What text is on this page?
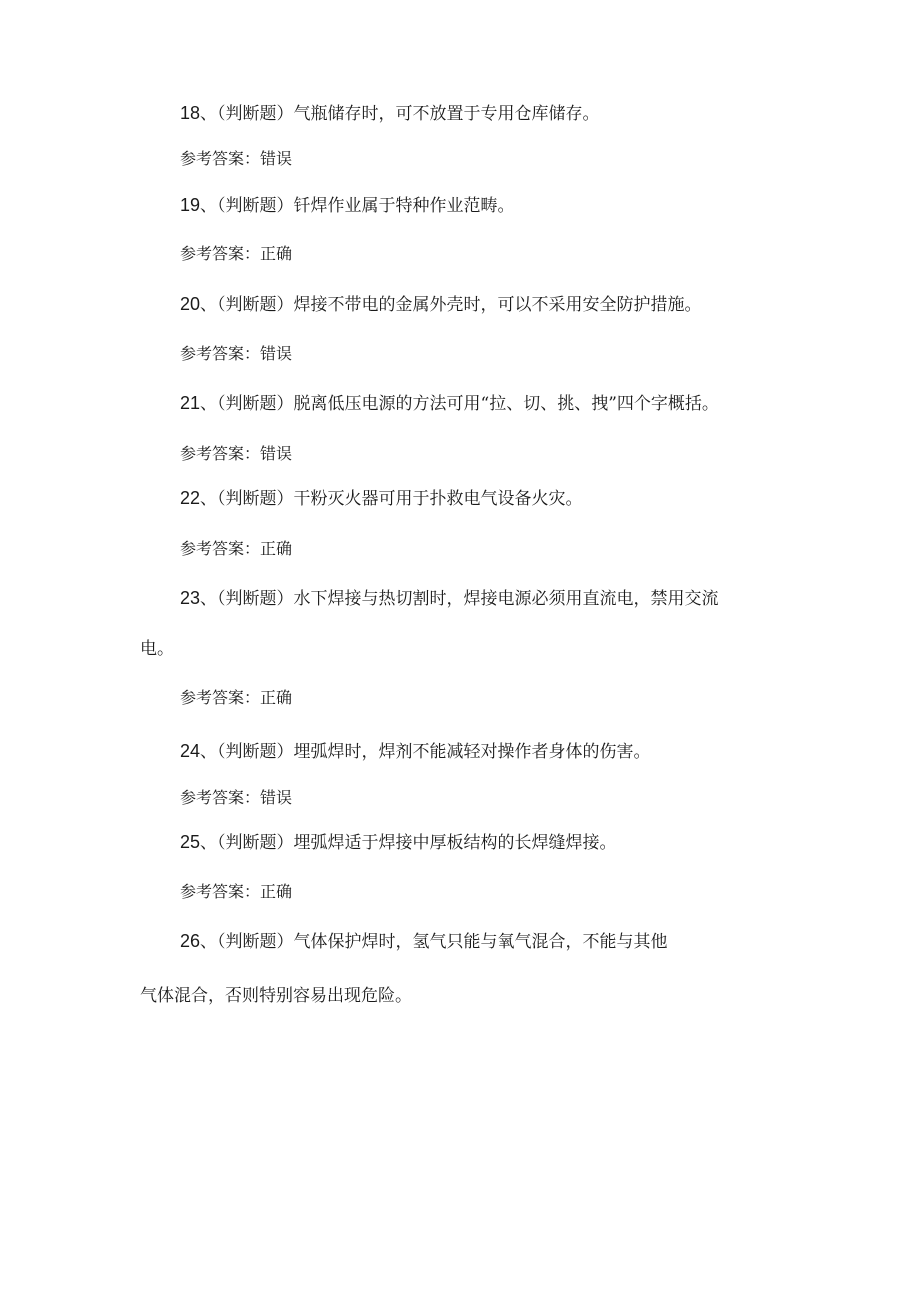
18、（判断题）气瓶储存时，可不放置于专用仓库储存。
参考答案：错误
19、（判断题）钎焊作业属于特种作业范畴。
参考答案：正确
20、（判断题）焊接不带电的金属外壳时，可以不采用安全防护措施。
参考答案：错误
21、（判断题）脱离低压电源的方法可用“拉、切、挑、拽”四个字概括。
参考答案：错误
22、（判断题）干粉灭火器可用于扑救电气设备火灾。
参考答案：正确
23、（判断题）水下焊接与热切割时，焊接电源必须用直流电，禁用交流
电。
参考答案：正确
24、（判断题）埋弧焊时，焊剂不能减轻对操作者身体的伤害。
参考答案：错误
25、（判断题）埋弧焊适于焊接中厚板结构的长焊缝焊接。
参考答案：正确
26、（判断题）气体保护焊时，氢气只能与氧气混合，不能与其他
气体混合，否则特别容易出现危险。
